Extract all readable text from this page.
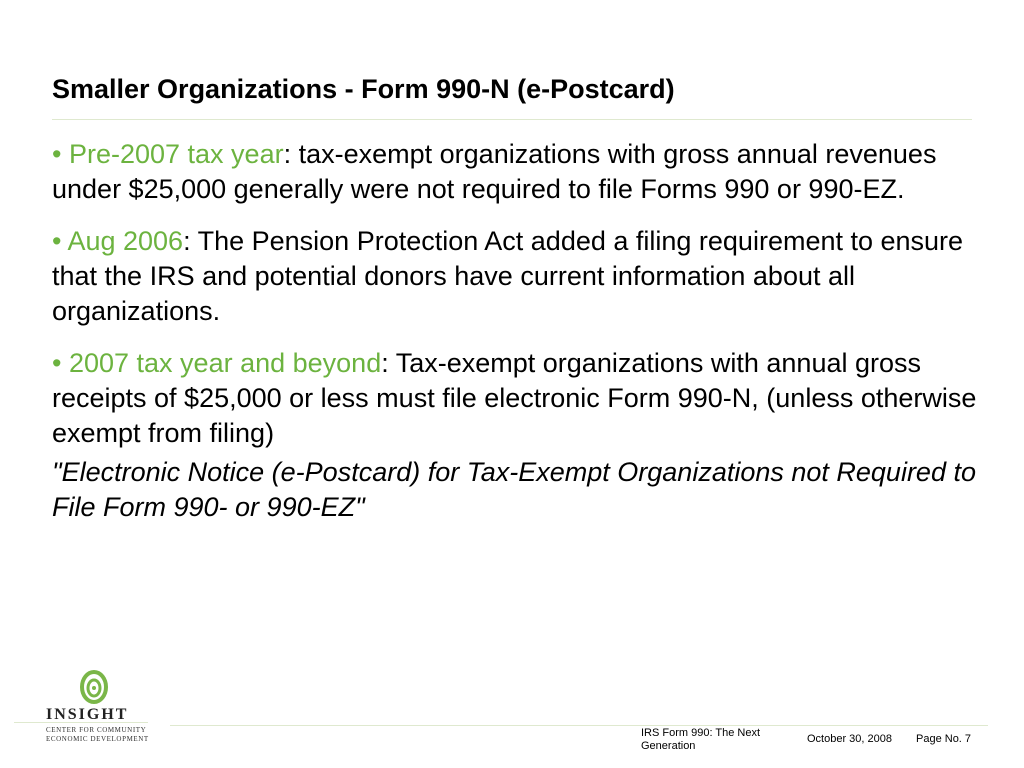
Smaller Organizations - Form 990-N (e-Postcard)

• Pre-2007 tax year: tax-exempt organizations with gross annual revenues under $25,000 generally were not required to file Forms 990 or 990-EZ.

• Aug 2006: The Pension Protection Act added a filing requirement to ensure that the IRS and potential donors have current information about all organizations.

• 2007 tax year and beyond: Tax-exempt organizations with annual gross receipts of $25,000 or less must file electronic Form 990-N, (unless otherwise exempt from filing)

"Electronic Notice (e-Postcard) for Tax-Exempt Organizations not Required to File Form 990- or 990-EZ"

INSIGHT
CENTER FOR COMMUNITY
ECONOMIC DEVELOPMENT	IRS Form 990: The Next Generation
October 30, 2008 Page No. 7
